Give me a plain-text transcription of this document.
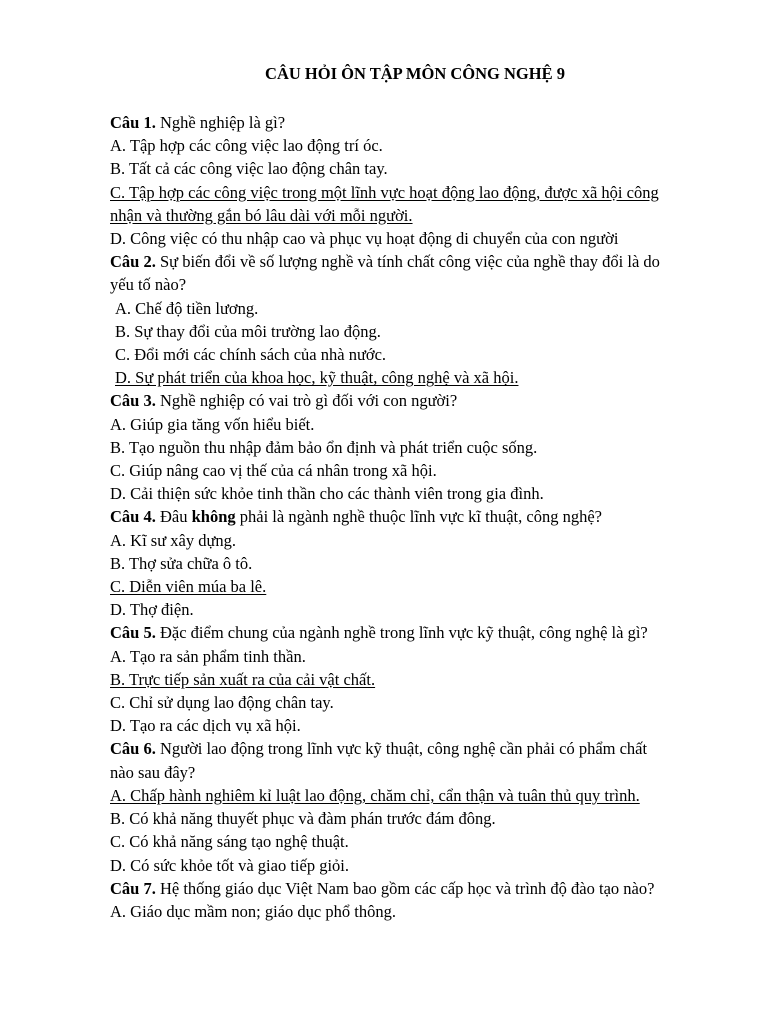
CÂU HỎI ÔN TẬP MÔN CÔNG NGHỆ 9
Câu 1. Nghề nghiệp là gì?
A. Tập hợp các công việc lao động trí óc.
B. Tất cả các công việc lao động chân tay.
C. Tập hợp các công việc trong một lĩnh vực hoạt động lao động, được xã hội công
nhận và thường gắn bó lâu dài với mỗi người.
D. Công việc có thu nhập cao và phục vụ hoạt động di chuyển của con người
Câu 2. Sự biến đổi về số lượng nghề và tính chất công việc của nghề thay đổi là do
yếu tố nào?
A. Chế độ tiền lương.
B. Sự thay đổi của môi trường lao động.
C. Đổi mới các chính sách của nhà nước.
D. Sự phát triển của khoa học, kỹ thuật, công nghệ và xã hội.
Câu 3. Nghề nghiệp có vai trò gì đối với con người?
A. Giúp gia tăng vốn hiểu biết.
B. Tạo nguồn thu nhập đảm bảo ổn định và phát triển cuộc sống.
C. Giúp nâng cao vị thế của cá nhân trong xã hội.
D. Cải thiện sức khỏe tinh thần cho các thành viên trong gia đình.
Câu 4. Đâu không phải là ngành nghề thuộc lĩnh vực kĩ thuật, công nghệ?
A. Kĩ sư xây dựng.
B. Thợ sửa chữa ô tô.
C. Diễn viên múa ba lê.
D. Thợ điện.
Câu 5. Đặc điểm chung của ngành nghề trong lĩnh vực kỹ thuật, công nghệ là gì?
A. Tạo ra sản phẩm tinh thần.
B. Trực tiếp sản xuất ra của cải vật chất.
C. Chỉ sử dụng lao động chân tay.
D. Tạo ra các dịch vụ xã hội.
Câu 6. Người lao động trong lĩnh vực kỹ thuật, công nghệ cần phải có phẩm chất
nào sau đây?
A. Chấp hành nghiêm kỉ luật lao động, chăm chỉ, cẩn thận và tuân thủ quy trình.
B. Có khả năng thuyết phục và đàm phán trước đám đông.
C. Có khả năng sáng tạo nghệ thuật.
D. Có sức khỏe tốt và giao tiếp giỏi.
Câu 7. Hệ thống giáo dục Việt Nam bao gồm các cấp học và trình độ đào tạo nào?
A. Giáo dục mầm non; giáo dục phổ thông.
